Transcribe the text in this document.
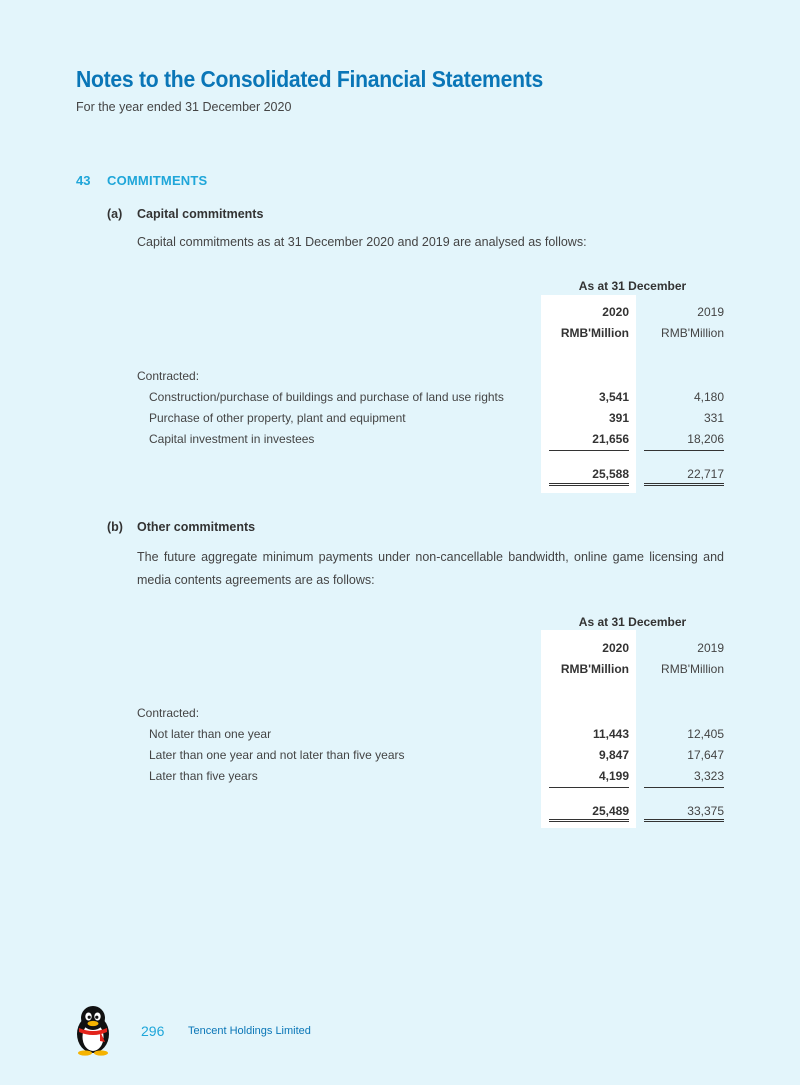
Notes to the Consolidated Financial Statements
For the year ended 31 December 2020
43 COMMITMENTS
(a) Capital commitments
Capital commitments as at 31 December 2020 and 2019 are analysed as follows:
As at 31 December
2020	2019
RMB'Million	RMB'Million
Contracted:
Construction/purchase of buildings and purchase of land use rights	3,541	4,180
Purchase of other property, plant and equipment	391	331
Capital investment in investees	21,656	18,206
25,588	22,717
(b) Other commitments
The future aggregate minimum payments under non-cancellable bandwidth, online game licensing and media contents agreements are as follows:
As at 31 December
2020	2019
RMB'Million	RMB'Million
Contracted:
Not later than one year	11,443	12,405
Later than one year and not later than five years	9,847	17,647
Later than five years	4,199	3,323
25,489	33,375
296 Tencent Holdings Limited
